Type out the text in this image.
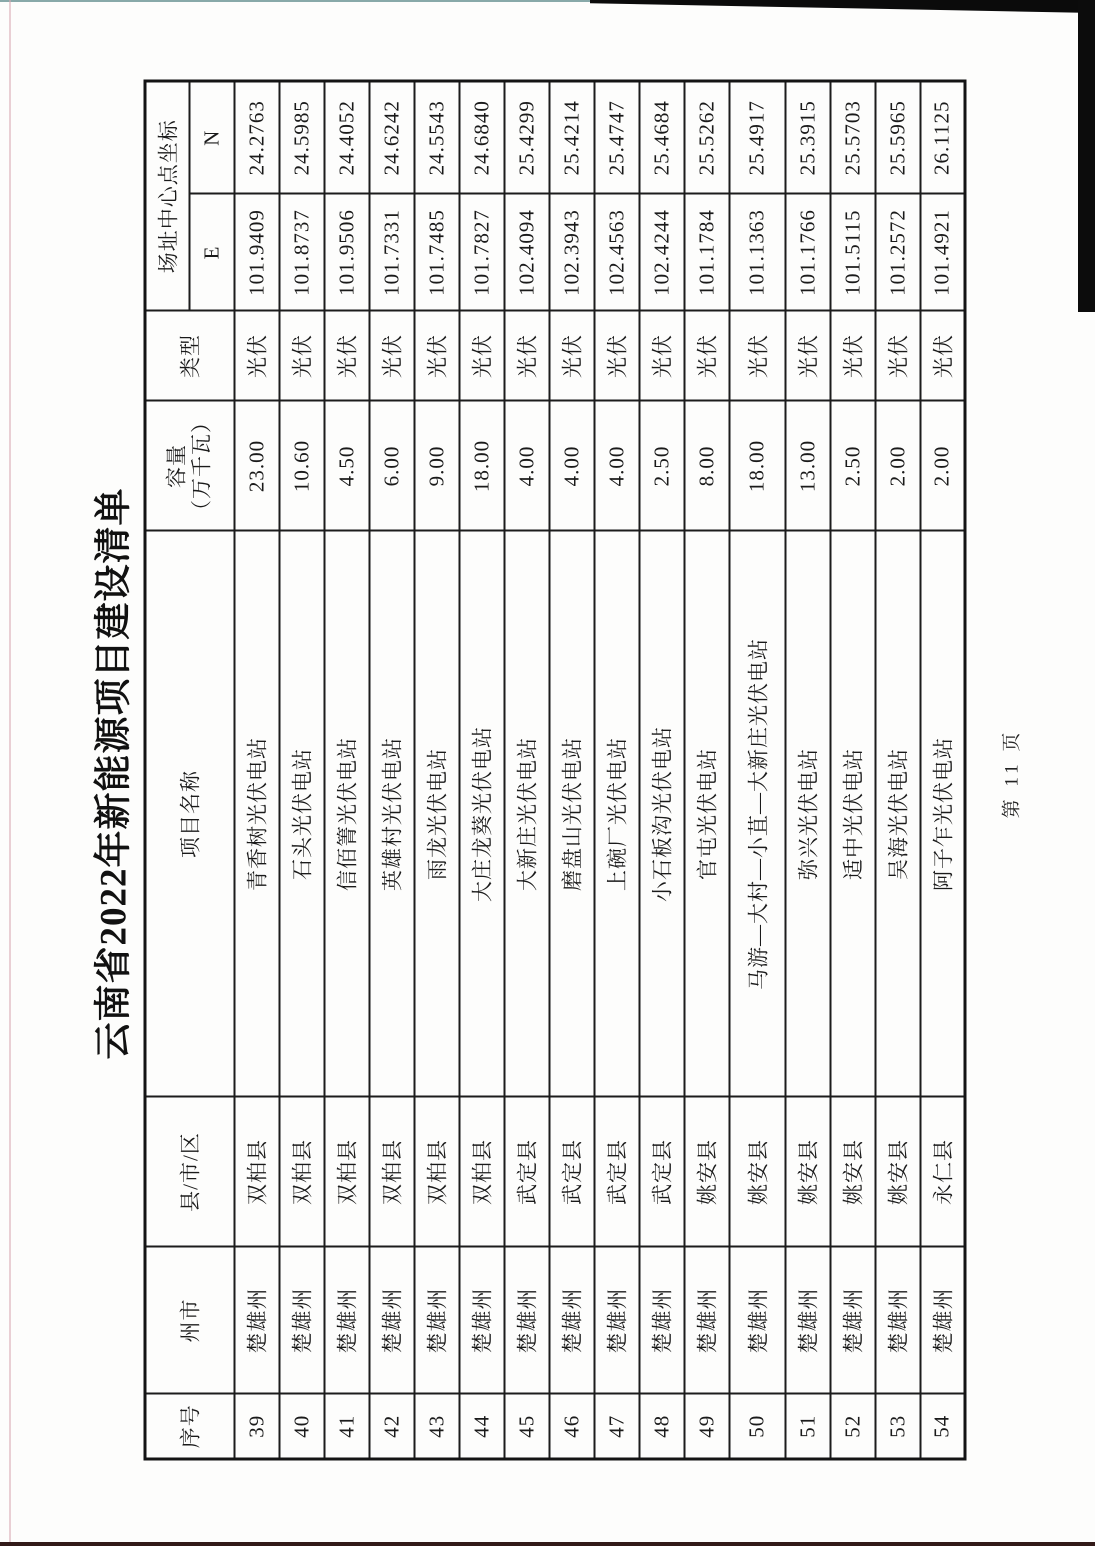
云南省2022年新能源项目建设清单
序号	州市	县/市/区	项目名称	容量 （万千瓦）	类型	场址中心点坐标	
						E	N
39	楚雄州	双柏县	青香树光伏电站	23.00	光伏	101.9409	24.2763
40	楚雄州	双柏县	石头光伏电站	10.60	光伏	101.8737	24.5985
41	楚雄州	双柏县	信佰箐光伏电站	4.50	光伏	101.9506	24.4052
42	楚雄州	双柏县	英雄村光伏电站	6.00	光伏	101.7331	24.6242
43	楚雄州	双柏县	雨龙光伏电站	9.00	光伏	101.7485	24.5543
44	楚雄州	双柏县	大庄龙葵光伏电站	18.00	光伏	101.7827	24.6840
45	楚雄州	武定县	大新庄光伏电站	4.00	光伏	102.4094	25.4299
46	楚雄州	武定县	磨盘山光伏电站	4.00	光伏	102.3943	25.4214
47	楚雄州	武定县	上碗厂光伏电站	4.00	光伏	102.4563	25.4747
48	楚雄州	武定县	小石板沟光伏电站	2.50	光伏	102.4244	25.4684
49	楚雄州	姚安县	官屯光伏电站	8.00	光伏	101.1784	25.5262
50	楚雄州	姚安县	马游—大村—小苴—大新庄光伏电站	18.00	光伏	101.1363	25.4917
51	楚雄州	姚安县	弥兴光伏电站	13.00	光伏	101.1766	25.3915
52	楚雄州	姚安县	适中光伏电站	2.50	光伏	101.5115	25.5703
53	楚雄州	姚安县	吴海光伏电站	2.00	光伏	101.2572	25.5965
54	楚雄州	永仁县	阿子乍光伏电站	2.00	光伏	101.4921	26.1125
第 11 页
